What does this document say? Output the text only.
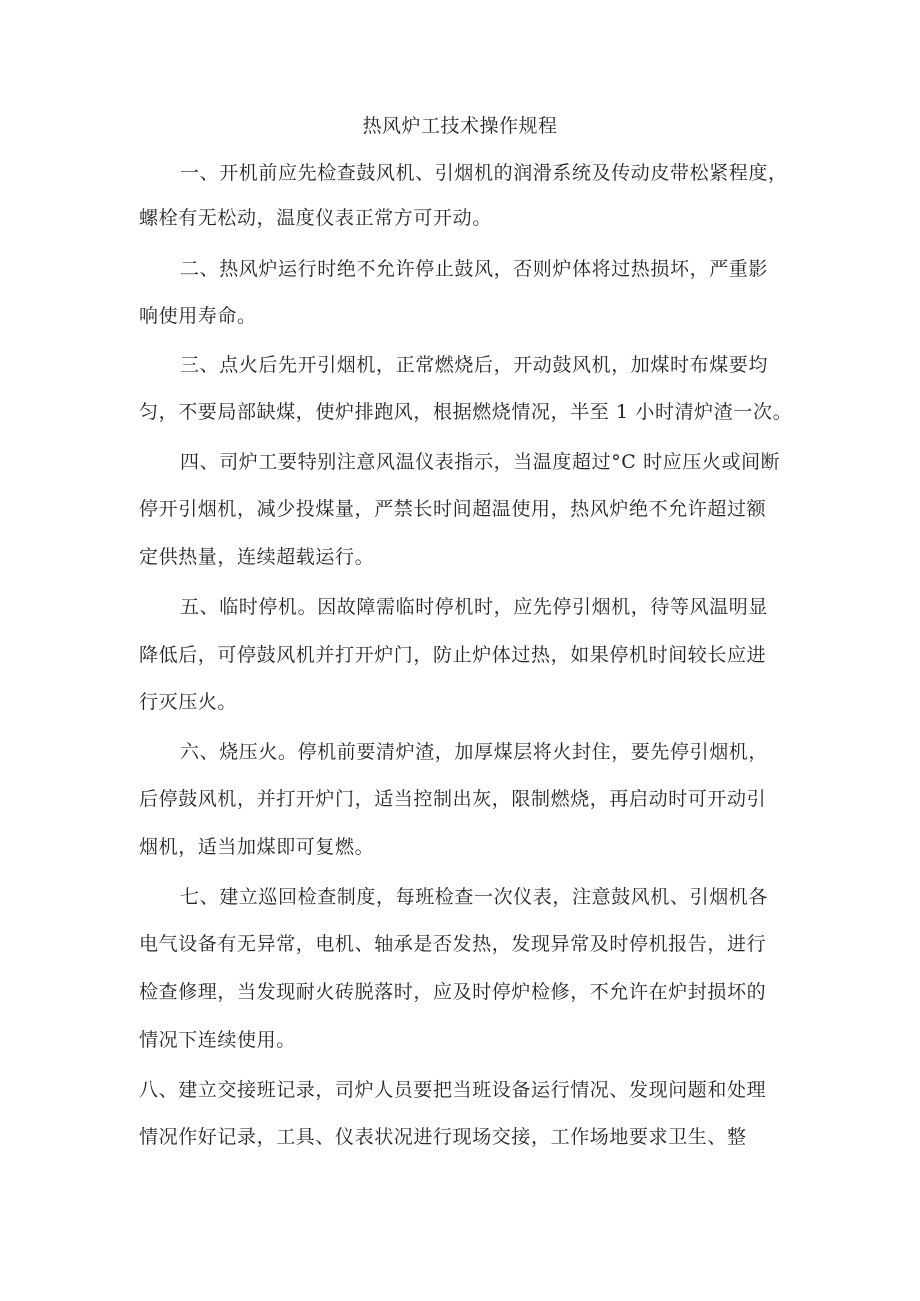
热风炉工技术操作规程
一、开机前应先检查鼓风机、引烟机的润滑系统及传动皮带松紧程度，
螺栓有无松动，温度仪表正常方可开动。
二、热风炉运行时绝不允许停止鼓风，否则炉体将过热损坏，严重影
响使用寿命。
三、点火后先开引烟机，正常燃烧后，开动鼓风机，加煤时布煤要均
匀，不要局部缺煤，使炉排跑风，根据燃烧情况，半至 1 小时清炉渣一次。
四、司炉工要特别注意风温仪表指示，当温度超过°C 时应压火或间断
停开引烟机，减少投煤量，严禁长时间超温使用，热风炉绝不允许超过额
定供热量，连续超载运行。
五、临时停机。因故障需临时停机时，应先停引烟机，待等风温明显
降低后，可停鼓风机并打开炉门，防止炉体过热，如果停机时间较长应进
行灭压火。
六、烧压火。停机前要清炉渣，加厚煤层将火封住，要先停引烟机，
后停鼓风机，并打开炉门，适当控制出灰，限制燃烧，再启动时可开动引
烟机，适当加煤即可复燃。
七、建立巡回检查制度，每班检查一次仪表，注意鼓风机、引烟机各
电气设备有无异常，电机、轴承是否发热，发现异常及时停机报告，进行
检查修理，当发现耐火砖脱落时，应及时停炉检修，不允许在炉封损坏的
情况下连续使用。
八、建立交接班记录，司炉人员要把当班设备运行情况、发现问题和处理
情况作好记录，工具、仪表状况进行现场交接，工作场地要求卫生、整
